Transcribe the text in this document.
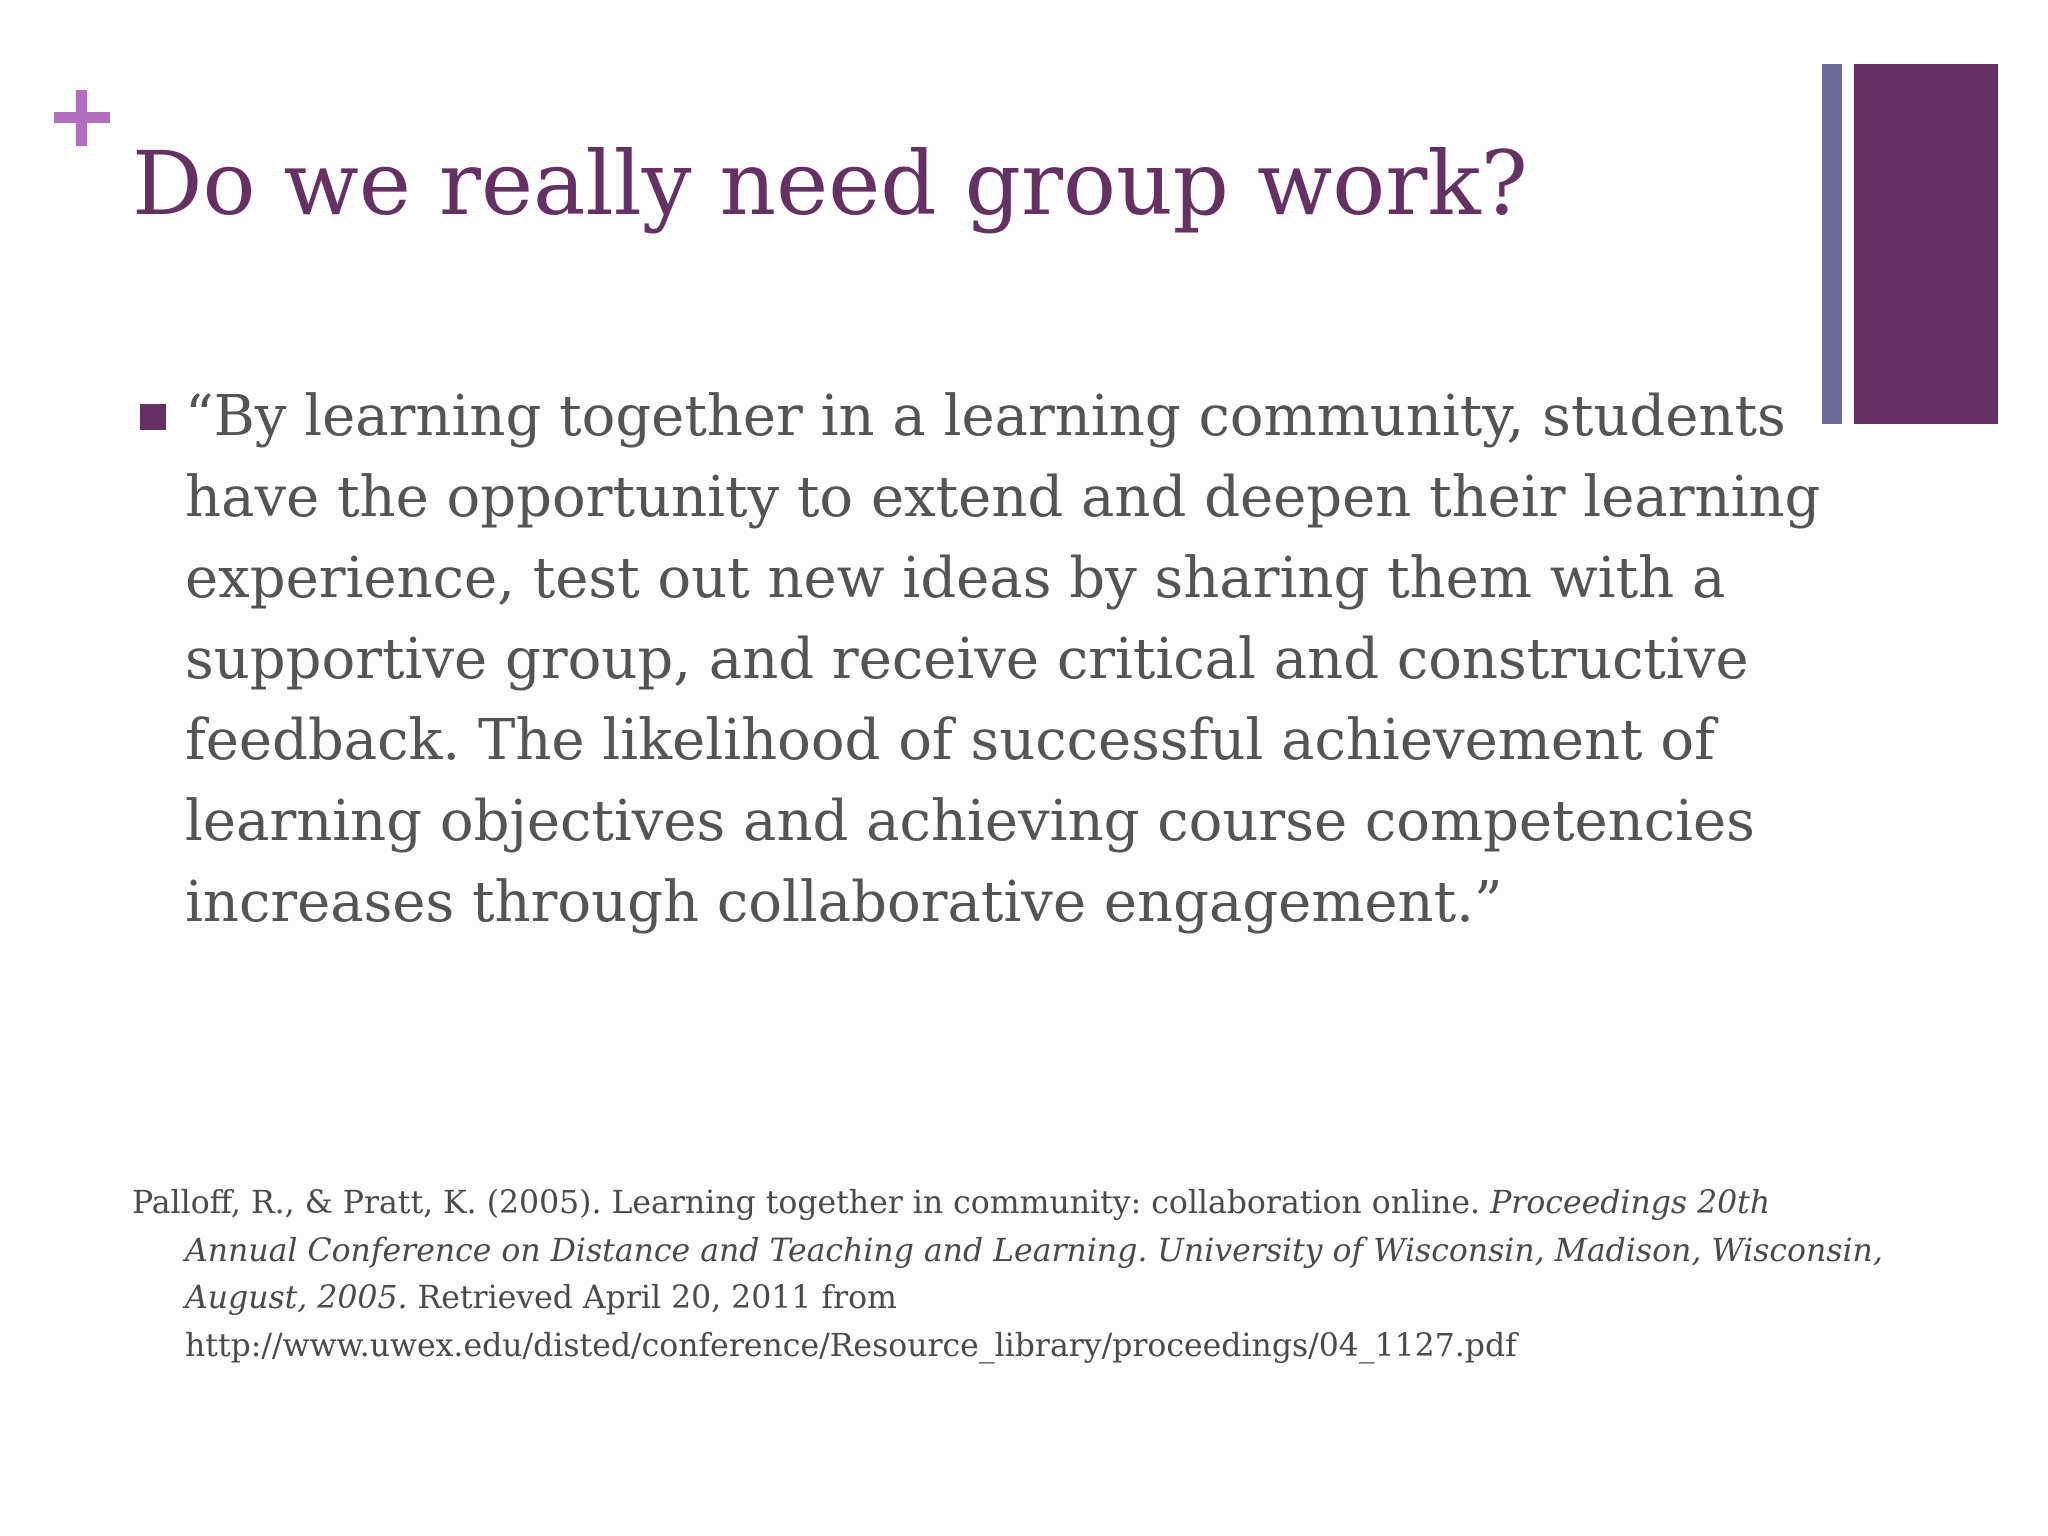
Do we really need group work?

“By learning together in a learning community, students have the opportunity to extend and deepen their learning experience, test out new ideas by sharing them with a supportive group, and receive critical and constructive feedback. The likelihood of successful achievement of learning objectives and achieving course competencies increases through collaborative engagement.”

Palloff, R., & Pratt, K. (2005). Learning together in community: collaboration online. Proceedings 20th Annual Conference on Distance and Teaching and Learning. University of Wisconsin, Madison, Wisconsin, August, 2005. Retrieved April 20, 2011 from http://www.uwex.edu/disted/conference/Resource_library/proceedings/04_1127.pdf
